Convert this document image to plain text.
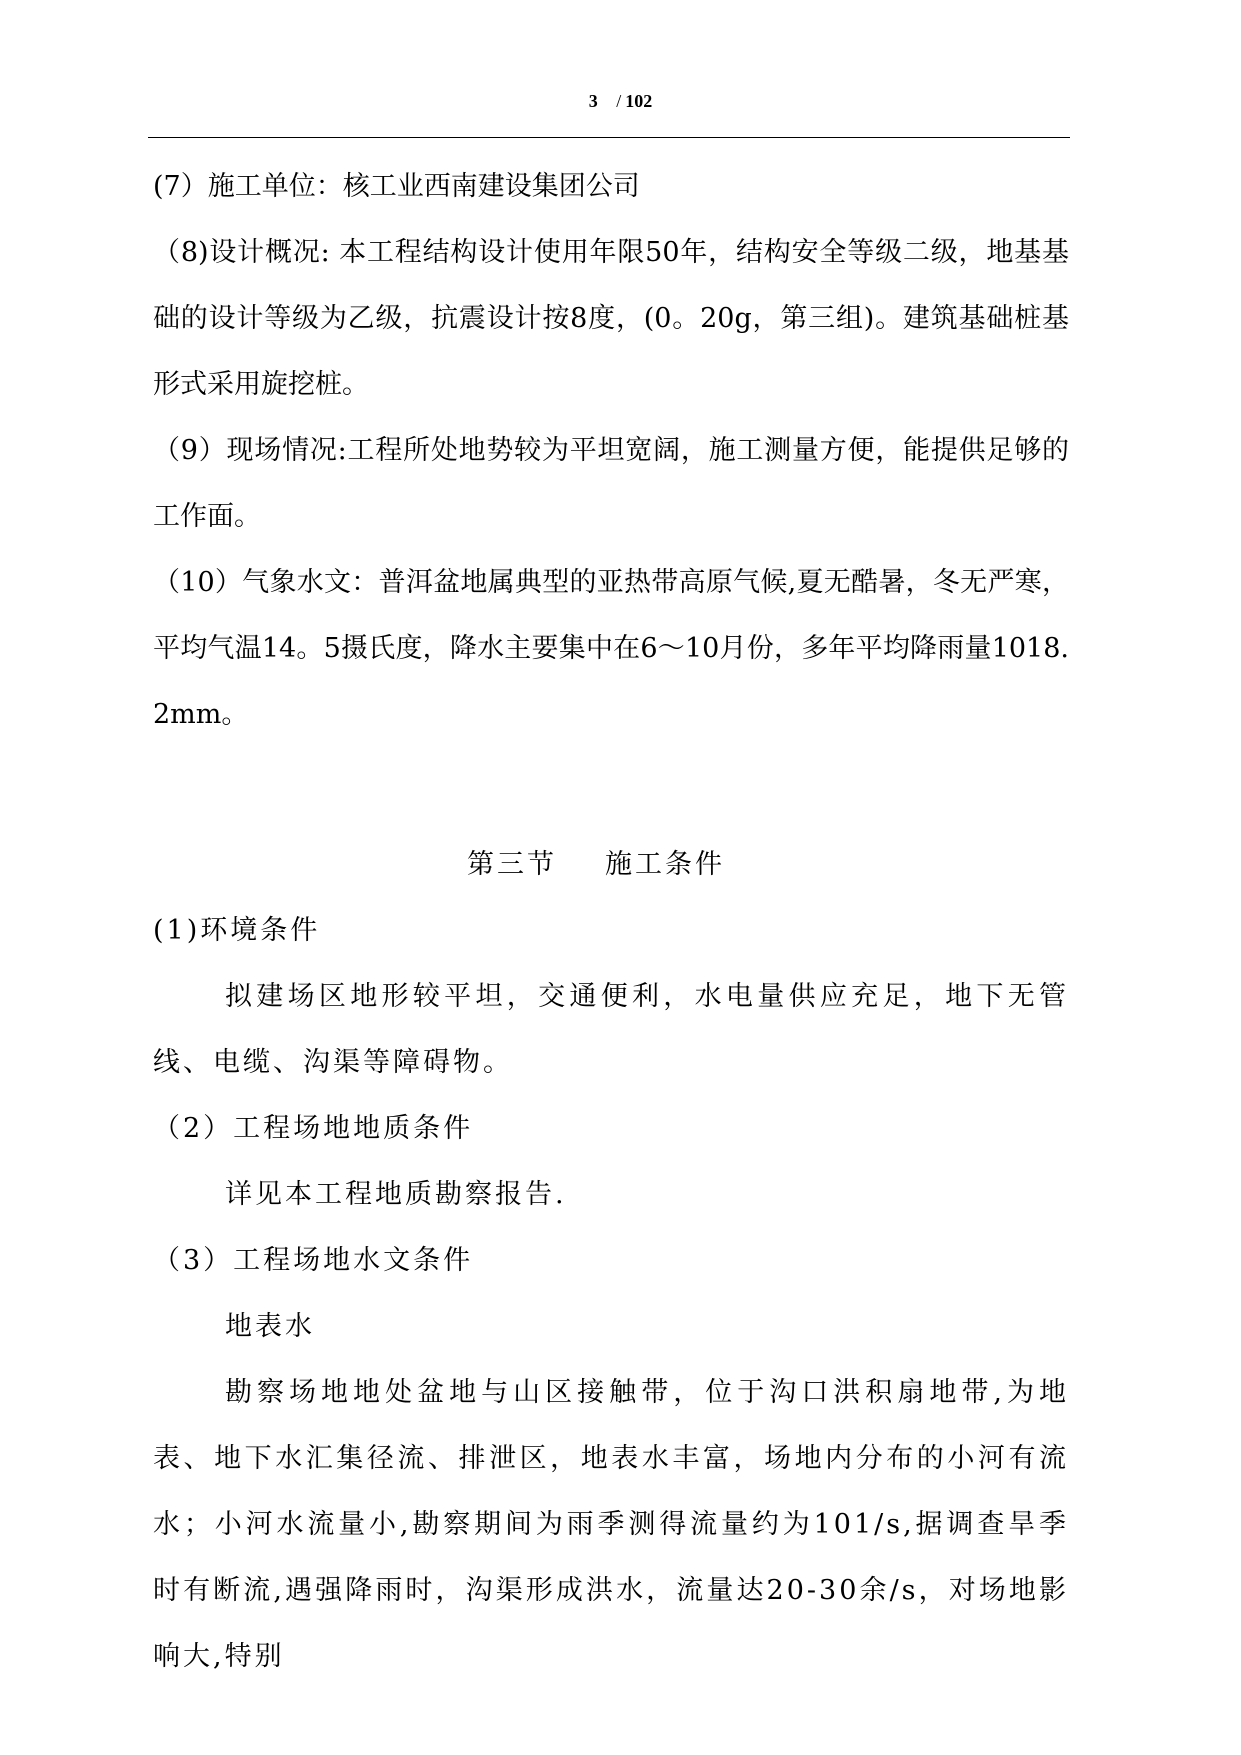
3 / 102
(7）施工单位：核工业西南建设集团公司
（8)设计概况: 本工程结构设计使用年限50年，结构安全等级二级，地基基础的设计等级为乙级，抗震设计按8度，(0。20g，第三组)。建筑基础桩基形式采用旋挖桩。
（9）现场情况:工程所处地势较为平坦宽阔，施工测量方便，能提供足够的工作面。
（10）气象水文：普洱盆地属典型的亚热带高原气候,夏无酷暑，冬无严寒，平均气温14。5摄氏度，降水主要集中在6～10月份，多年平均降雨量1018.2mm。
第三节 施工条件
(1)环境条件
拟建场区地形较平坦，交通便利，水电量供应充足，地下无管线、电缆、沟渠等障碍物。
（2）工程场地地质条件
详见本工程地质勘察报告.
（3）工程场地水文条件
地表水
勘察场地地处盆地与山区接触带，位于沟口洪积扇地带,为地表、地下水汇集径流、排泄区，地表水丰富，场地内分布的小河有流水；小河水流量小,勘察期间为雨季测得流量约为101/s,据调查旱季时有断流,遇强降雨时，沟渠形成洪水，流量达20-30余/s，对场地影响大,特别
